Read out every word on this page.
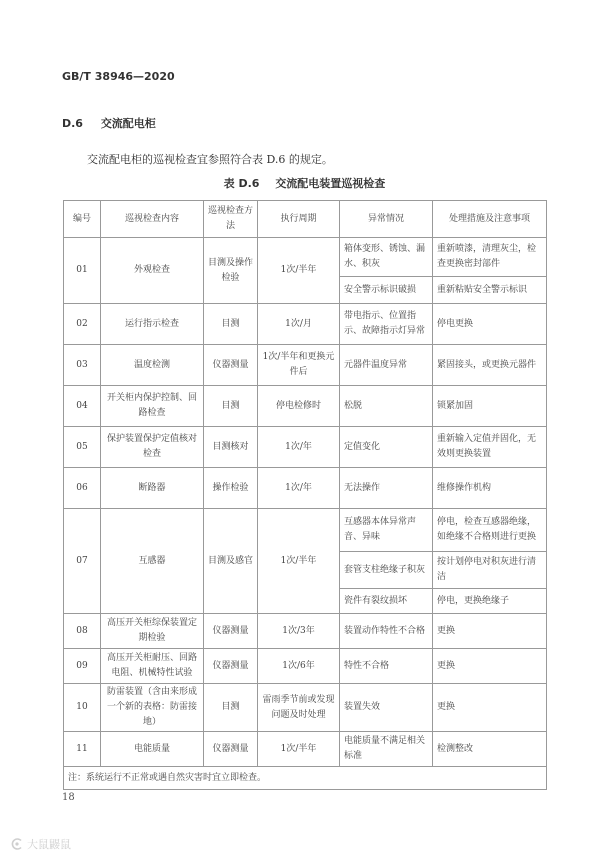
GB/T 38946—2020
D.6 交流配电柜
交流配电柜的巡视检查宜参照符合表 D.6 的规定。
表 D.6 交流配电装置巡视检查
编号	巡视检查内容	巡视检查方法	执行周期	异常情况	处理措施及注意事项
01	外观检查	目测及操作检验	1次/半年	箱体变形、锈蚀、漏水、积灰	重新喷漆，清理灰尘，检查更换密封部件
				安全警示标识破损	重新粘贴安全警示标识
02	运行指示检查	目测	1次/月	带电指示、位置指示、故障指示灯异常	停电更换
03	温度检测	仪器测量	1次/半年和更换元件后	元器件温度异常	紧固接头，或更换元器件
04	开关柜内保护控制、回路检查	目测	停电检修时	松脱	锁紧加固
05	保护装置保护定值核对检查	目测核对	1次/年	定值变化	重新输入定值并固化，无效则更换装置
06	断路器	操作检验	1次/年	无法操作	维修操作机构
07	互感器	目测及感官	1次/半年	互感器本体异常声音、异味	停电，检查互感器绝缘，如绝缘不合格则进行更换
				套管支柱绝缘子积灰	按计划停电对积灰进行清洁
				瓷件有裂纹损坏	停电，更换绝缘子
08	高压开关柜综保装置定期检验	仪器测量	1次/3年	装置动作特性不合格	更换
09	高压开关柜耐压、回路电阻、机械特性试验	仪器测量	1次/6年	特性不合格	更换
10	防雷装置（含由来形成一个新的表格：防雷接地）	目测	雷雨季节前或发现问题及时处理	装置失效	更换
11	电能质量	仪器测量	1次/半年	电能质量不满足相关标准	检测整改
注：系统运行不正常或遇自然灾害时宜立即检查。					
18
大鼠鼹鼠
